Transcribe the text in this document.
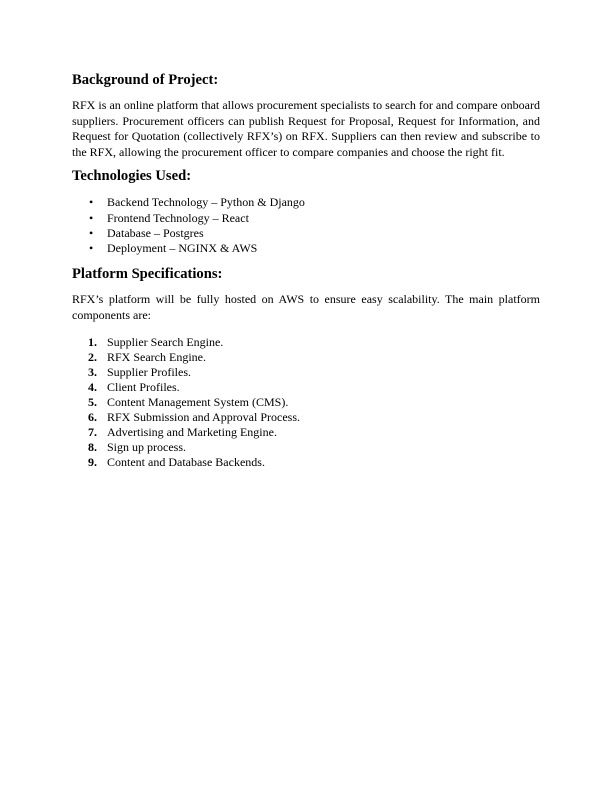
Background of Project:

RFX is an online platform that allows procurement specialists to search for and compare onboard suppliers. Procurement officers can publish Request for Proposal, Request for Information, and Request for Quotation (collectively RFX’s) on RFX. Suppliers can then review and subscribe to the RFX, allowing the procurement officer to compare companies and choose the right fit.

Technologies Used:
• Backend Technology – Python & Django
• Frontend Technology – React
• Database – Postgres
• Deployment – NGINX & AWS
Platform Specifications:

RFX’s platform will be fully hosted on AWS to ensure easy scalability. The main platform components are:

1. Supplier Search Engine.
2. RFX Search Engine.
3. Supplier Profiles.
4. Client Profiles.
5. Content Management System (CMS).
6. RFX Submission and Approval Process.
7. Advertising and Marketing Engine.
8. Sign up process.
9. Content and Database Backends.
